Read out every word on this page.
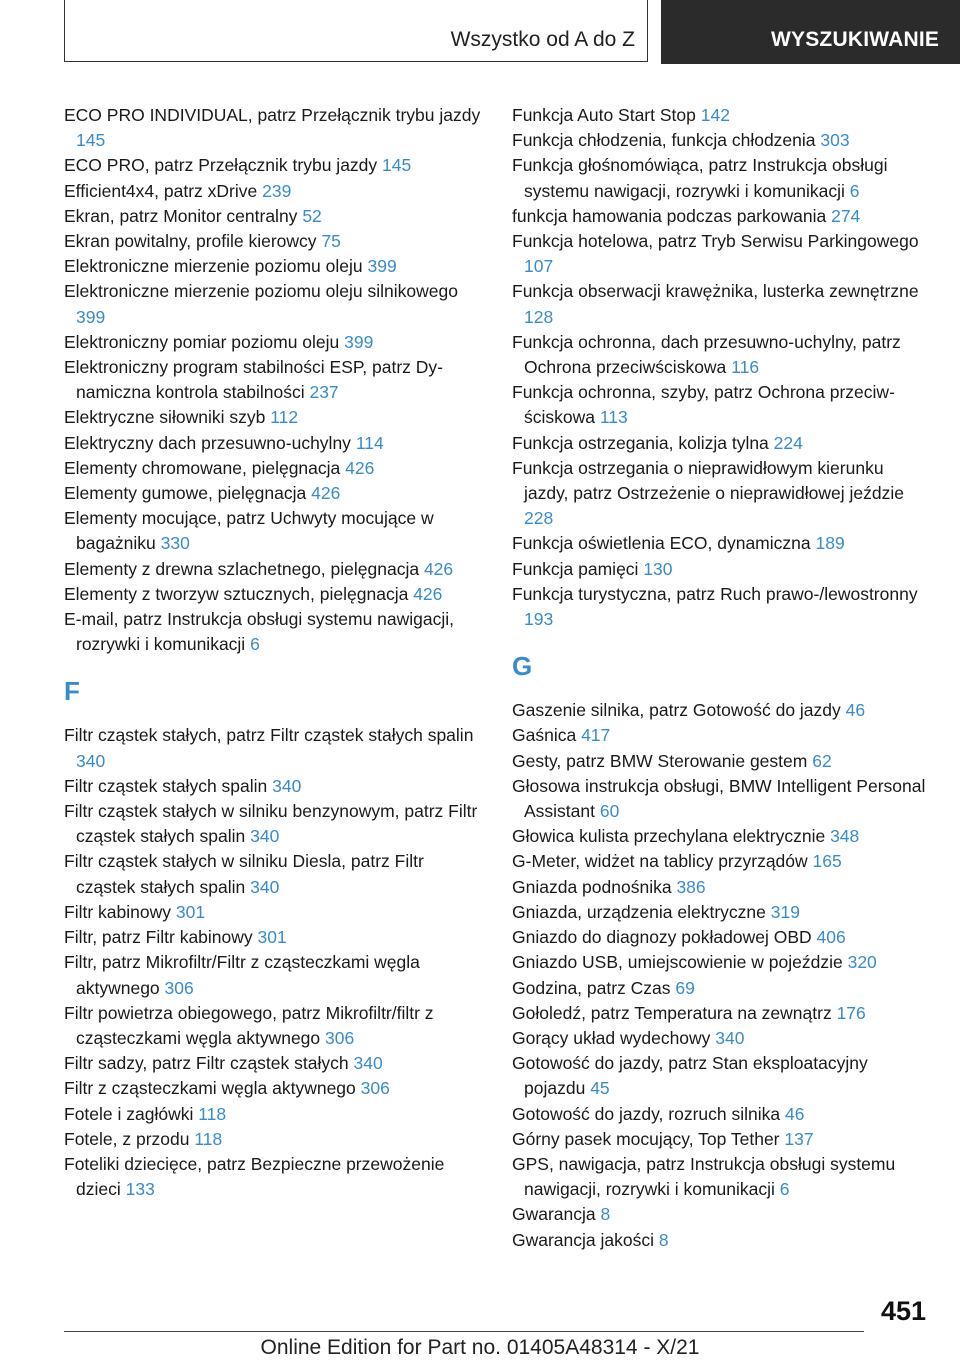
Wszystko od A do Z	WYSZUKIWANIE
ECO PRO INDIVIDUAL, patrz Przełącznik trybu jazdy 145
ECO PRO, patrz Przełącznik trybu jazdy 145
Efficient4x4, patrz xDrive 239
Ekran, patrz Monitor centralny 52
Ekran powitalny, profile kierowcy 75
Elektroniczne mierzenie poziomu oleju 399
Elektroniczne mierzenie poziomu oleju silnikowego 399
Elektroniczny pomiar poziomu oleju 399
Elektroniczny program stabilności ESP, patrz Dynamiczna kontrola stabilności 237
Elektryczne siłowniki szyb 112
Elektryczny dach przesuwno-uchylny 114
Elementy chromowane, pielęgnacja 426
Elementy gumowe, pielęgnacja 426
Elementy mocujące, patrz Uchwyty mocujące w bagażniku 330
Elementy z drewna szlachetnego, pielęgnacja 426
Elementy z tworzyw sztucznych, pielęgnacja 426
E-mail, patrz Instrukcja obsługi systemu nawigacji, rozrywki i komunikacji 6
F
Filtr cząstek stałych, patrz Filtr cząstek stałych spalin 340
Filtr cząstek stałych spalin 340
Filtr cząstek stałych w silniku benzynowym, patrz Filtr cząstek stałych spalin 340
Filtr cząstek stałych w silniku Diesla, patrz Filtr cząstek stałych spalin 340
Filtr kabinowy 301
Filtr, patrz Filtr kabinowy 301
Filtr, patrz Mikrofiltr/Filtr z cząsteczkami węgla aktywnego 306
Filtr powietrza obiegowego, patrz Mikrofiltr/filtr z cząsteczkami węgla aktywnego 306
Filtr sadzy, patrz Filtr cząstek stałych 340
Filtr z cząsteczkami węgla aktywnego 306
Fotele i zagłówki 118
Fotele, z przodu 118
Foteliki dziecięce, patrz Bezpieczne przewożenie dzieci 133
Funkcja Auto Start Stop 142
Funkcja chłodzenia, funkcja chłodzenia 303
Funkcja głośnomówiąca, patrz Instrukcja obsługi systemu nawigacji, rozrywki i komunikacji 6
funkcja hamowania podczas parkowania 274
Funkcja hotelowa, patrz Tryb Serwisu Parkingowego 107
Funkcja obserwacji krawężnika, lusterka zewnętrzne 128
Funkcja ochronna, dach przesuwno-uchylny, patrz Ochrona przeciwściskowa 116
Funkcja ochronna, szyby, patrz Ochrona przeciwściskowa 113
Funkcja ostrzegania, kolizja tylna 224
Funkcja ostrzegania o nieprawidłowym kierunku jazdy, patrz Ostrzeżenie o nieprawidłowej jeździe 228
Funkcja oświetlenia ECO, dynamiczna 189
Funkcja pamięci 130
Funkcja turystyczna, patrz Ruch prawo-/lewostronny 193
G
Gaszenie silnika, patrz Gotowość do jazdy 46
Gaśnica 417
Gesty, patrz BMW Sterowanie gestem 62
Głosowa instrukcja obsługi, BMW Intelligent Personal Assistant 60
Głowica kulista przechylana elektrycznie 348
G-Meter, widżet na tablicy przyrządów 165
Gniazda podnośnika 386
Gniazda, urządzenia elektryczne 319
Gniazdo do diagnozy pokładowej OBD 406
Gniazdo USB, umiejscowienie w pojeździe 320
Godzina, patrz Czas 69
Gołoledź, patrz Temperatura na zewnątrz 176
Gorący układ wydechowy 340
Gotowość do jazdy, patrz Stan eksploatacyjny pojazdu 45
Gotowość do jazdy, rozruch silnika 46
Górny pasek mocujący, Top Tether 137
GPS, nawigacja, patrz Instrukcja obsługi systemu nawigacji, rozrywki i komunikacji 6
Gwarancja 8
Gwarancja jakości 8
451
Online Edition for Part no. 01405A48314 - X/21
